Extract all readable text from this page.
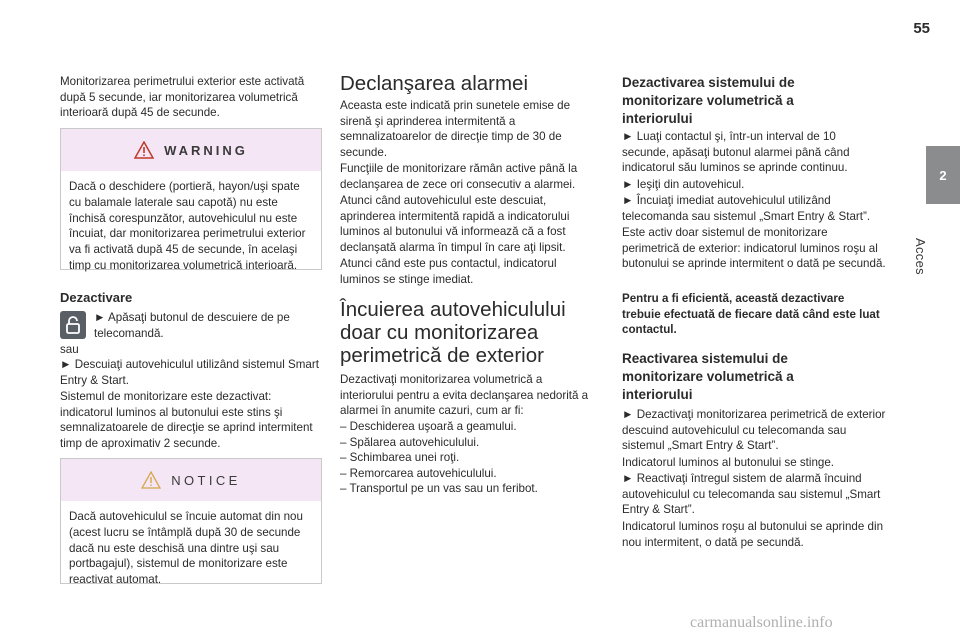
55
2
Acces

Monitorizarea perimetrului exterior este activată după 5 secunde, iar monitorizarea volumetrică interioară după 45 de secunde.

WARNING

Dacă o deschidere (portieră, hayon/uşi spate cu balamale laterale sau capotă) nu este închisă corespunzător, autovehiculul nu este încuiat, dar monitorizarea perimetrului exterior va fi activată după 45 de secunde, în acelaşi timp cu monitorizarea volumetrică interioară.

Dezactivare

► Apăsaţi butonul de descuiere de pe telecomandă.

sau

► Descuiaţi autovehiculul utilizând sistemul Smart Entry & Start.

Sistemul de monitorizare este dezactivat: indicatorul luminos al butonului este stins şi semnalizatoarele de direcţie se aprind intermitent timp de aproximativ 2 secunde.

NOTICE

Dacă autovehiculul se încuie automat din nou (acest lucru se întâmplă după 30 de secunde dacă nu este deschisă una dintre uşi sau portbagajul), sistemul de monitorizare este reactivat automat.

Declanşarea alarmei

Aceasta este indicată prin sunetele emise de sirenă şi aprinderea intermitentă a semnalizatoarelor de direcţie timp de 30 de secunde.

Funcţiile de monitorizare rămân active până la declanşarea de zece ori consecutiv a alarmei.

Atunci când autovehiculul este descuiat, aprinderea intermitentă rapidă a indicatorului luminos al butonului vă informează că a fost declanşată alarma în timpul în care aţi lipsit.

Atunci când este pus contactul, indicatorul luminos se stinge imediat.

Încuierea autovehiculului doar cu monitorizarea perimetrică de exterior

Dezactivaţi monitorizarea volumetrică a interiorului pentru a evita declanşarea nedorită a alarmei în anumite cazuri, cum ar fi:

– Deschiderea uşoară a geamului.

– Spălarea autovehiculului.

– Schimbarea unei roţi.

– Remorcarea autovehiculului.

– Transportul pe un vas sau un feribot.

Dezactivarea sistemului de monitorizare volumetrică a interiorului

► Luaţi contactul şi, într-un interval de 10 secunde, apăsaţi butonul alarmei până când indicatorul său luminos se aprinde continuu.

► Ieşiţi din autovehicul.

► Încuiaţi imediat autovehiculul utilizând telecomanda sau sistemul „Smart Entry & Start”.

Este activ doar sistemul de monitorizare perimetrică de exterior: indicatorul luminos roşu al butonului se aprinde intermitent o dată pe secundă.

Pentru a fi eficientă, această dezactivare trebuie efectuată de fiecare dată când este luat contactul.

Reactivarea sistemului de monitorizare volumetrică a interiorului

► Dezactivaţi monitorizarea perimetrică de exterior descuind autovehiculul cu telecomanda sau sistemul „Smart Entry & Start”.

Indicatorul luminos al butonului se stinge.

► Reactivaţi întregul sistem de alarmă încuind autovehiculul cu telecomanda sau sistemul „Smart Entry & Start”.

Indicatorul luminos roşu al butonului se aprinde din nou intermitent, o dată pe secundă.

carmanualsonline.info
